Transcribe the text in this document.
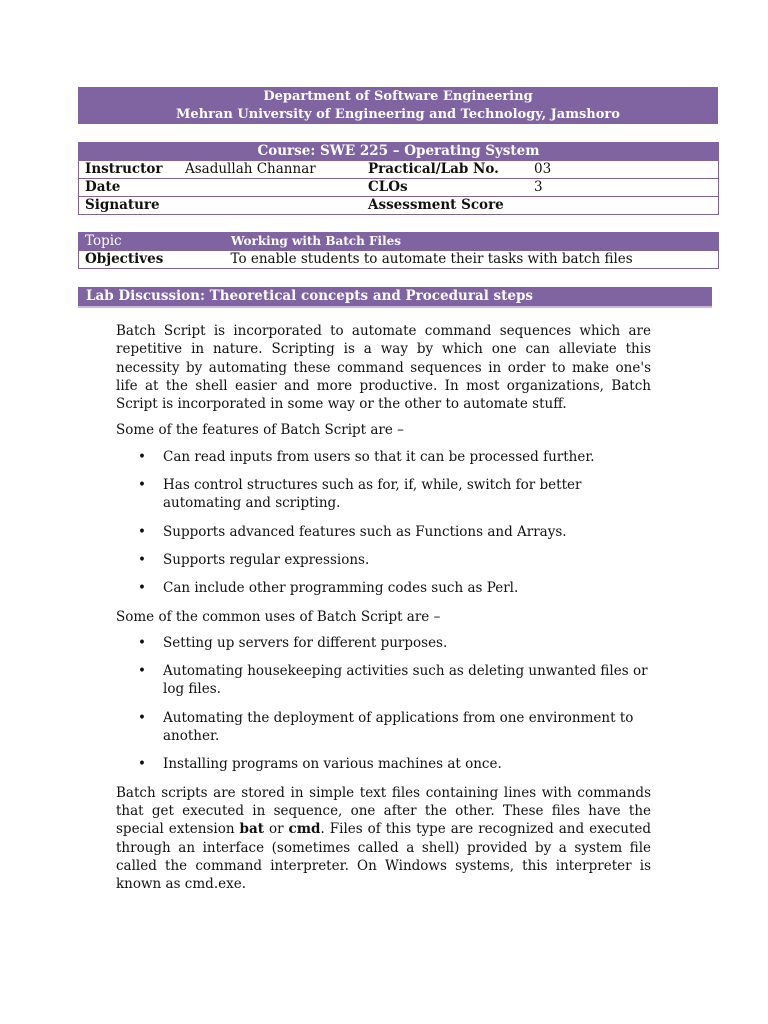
Department of Software Engineering
Mehran University of Engineering and Technology, Jamshoro
Course: SWE 225 – Operating System			
Instructor	Asadullah Channar	Practical/Lab No.	03
Date		CLOs	3
Signature		Assessment Score	
Topic	Working with Batch Files
Objectives	To enable students to automate their tasks with batch files
Lab Discussion: Theoretical concepts and Procedural steps

Batch Script is incorporated to automate command sequences which are repetitive in nature. Scripting is a way by which one can alleviate this necessity by automating these command sequences in order to make one's life at the shell easier and more productive. In most organizations, Batch Script is incorporated in some way or the other to automate stuff.

Some of the features of Batch Script are –

• Can read inputs from users so that it can be processed further.
• Has control structures such as for, if, while, switch for better automating and scripting.
• Supports advanced features such as Functions and Arrays.
• Supports regular expressions.
• Can include other programming codes such as Perl.

Some of the common uses of Batch Script are –

• Setting up servers for different purposes.
• Automating housekeeping activities such as deleting unwanted files or log files.
• Automating the deployment of applications from one environment to another.
• Installing programs on various machines at once.

Batch scripts are stored in simple text files containing lines with commands that get executed in sequence, one after the other. These files have the special extension bat or cmd. Files of this type are recognized and executed through an interface (sometimes called a shell) provided by a system file called the command interpreter. On Windows systems, this interpreter is known as cmd.exe.
